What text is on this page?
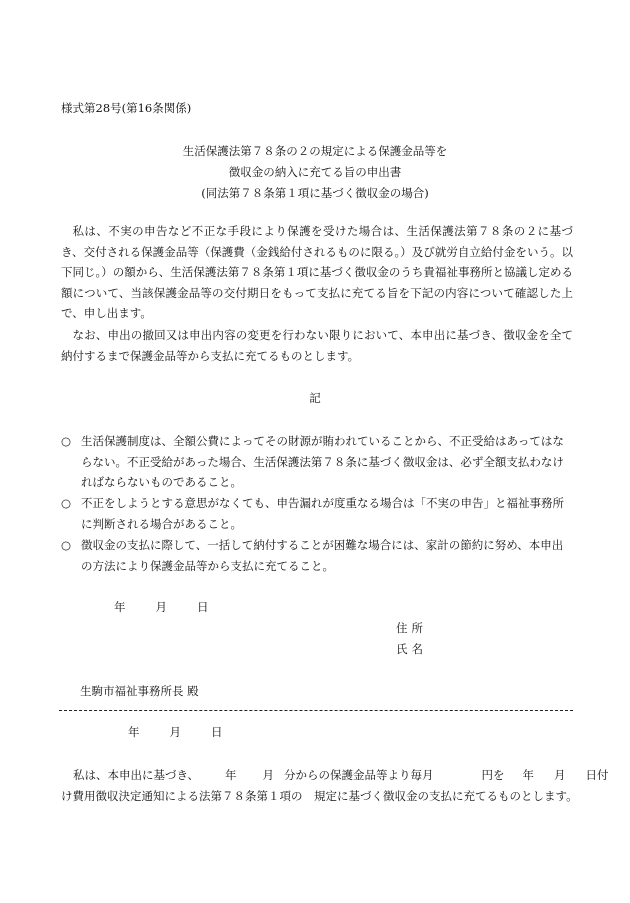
様式第28号(第16条関係)
生活保護法第７８条の２の規定による保護金品等を
徴収金の納入に充てる旨の申出書
(同法第７８条第１項に基づく徴収金の場合)
私は、不実の申告など不正な手段により保護を受けた場合は、生活保護法第７８条の２に基づき、交付される保護金品等（保護費（金銭給付されるものに限る。）及び就労自立給付金をいう。以下同じ。）の額から、生活保護法第７８条第１項に基づく徴収金のうち貴福祉事務所と協議し定める額について、当該保護金品等の交付期日をもって支払に充てる旨を下記の内容について確認した上で、申し出ます。
なお、申出の撤回又は申出内容の変更を行わない限りにおいて、本申出に基づき、徴収金を全て納付するまで保護金品等から支払に充てるものとします。
記
○ 生活保護制度は、全額公費によってその財源が賄われていることから、不正受給はあってはならない。不正受給があった場合、生活保護法第７８条に基づく徴収金は、必ず全額支払わなければならないものであること。
○ 不正をしようとする意思がなくても、申告漏れが度重なる場合は「不実の申告」と福祉事務所に判断される場合があること。
○ 徴収金の支払に際して、一括して納付することが困難な場合には、家計の節約に努め、本申出の方法により保護金品等から支払に充てること。
年	月	日
住所
氏名
生駒市福祉事務所長 殿
年	月	日
私は、本申出に基づき、 年 月 分からの保護金品等より毎月	円を 年 月 日付
け費用徴収決定通知による法第７８条第１項の　規定に基づく徴収金の支払に充てるものとします。
